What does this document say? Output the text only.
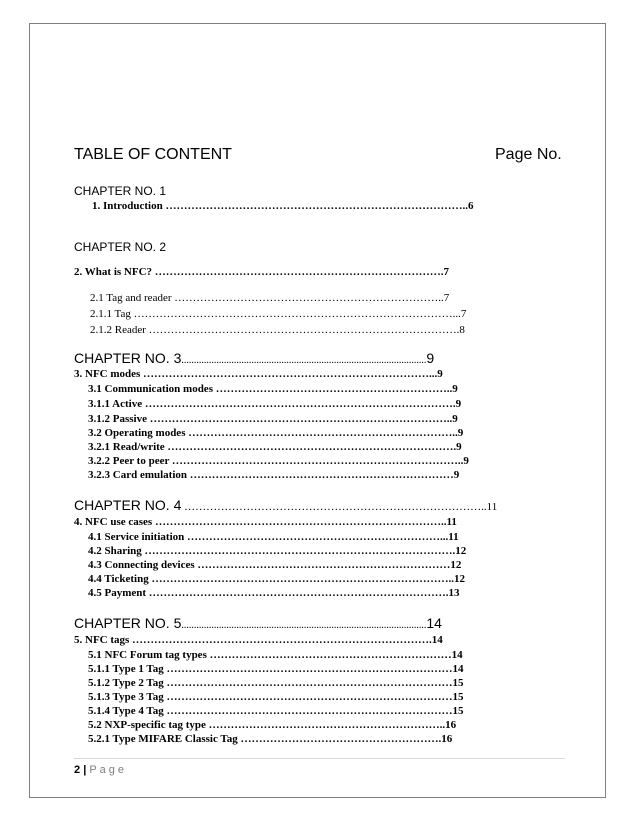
TABLE OF CONTENT	Page No.
CHAPTER NO. 1
1. Introduction ………………………………………………………………………..6
CHAPTER NO. 2
2. What is NFC? …………………………………………………………………….7
2.1 Tag and reader ………………………………………………………………..7
2.1.1 Tag ……………………………………………………………………………...7
2.1.2 Reader ………………………………………………………………………….8
CHAPTER NO. 3..................................................................................................9
3. NFC modes ……………………………………………………………………...9
3.1 Communication modes ………………………………………………………..9
3.1.1 Active ………………………………………………………………………….9
3.1.2 Passive ………………………………………………………………………..9
3.2 Operating modes ………………………………………………………………..9
3.2.1 Read/write …………………………………………………………………….9
3.2.2 Peer to peer ……………………………………………………………………..9
3.2.3 Card emulation ………………………………………………………………9
CHAPTER NO. 4 ………………………………………………………………………..11
4. NFC use cases ……………………………………………………………………..11
4.1 Service initiation ……………………………………………………………...11
4.2 Sharing ………………………………………………………………………….12
4.3 Connecting devices ……………………………………………………………12
4.4 Ticketing ………………………………………………………………………..12
4.5 Payment ……………………………………………………………………….13
CHAPTER NO. 5..................................................................................................14
5. NFC tags ……………………………………………………………………….14
5.1 NFC Forum tag types …………………………………………………………14
5.1.1 Type 1 Tag ……………………………………………………………………14
5.1.2 Type 2 Tag ……………………………………………………………………15
5.1.3 Type 3 Tag ……………………………………………………………………15
5.1.4 Type 4 Tag ……………………………………………………………………15
5.2 NXP-specific tag type ………………………………………………………..16
5.2.1 Type MIFARE Classic Tag ……………………………………………….16
2 | Page
